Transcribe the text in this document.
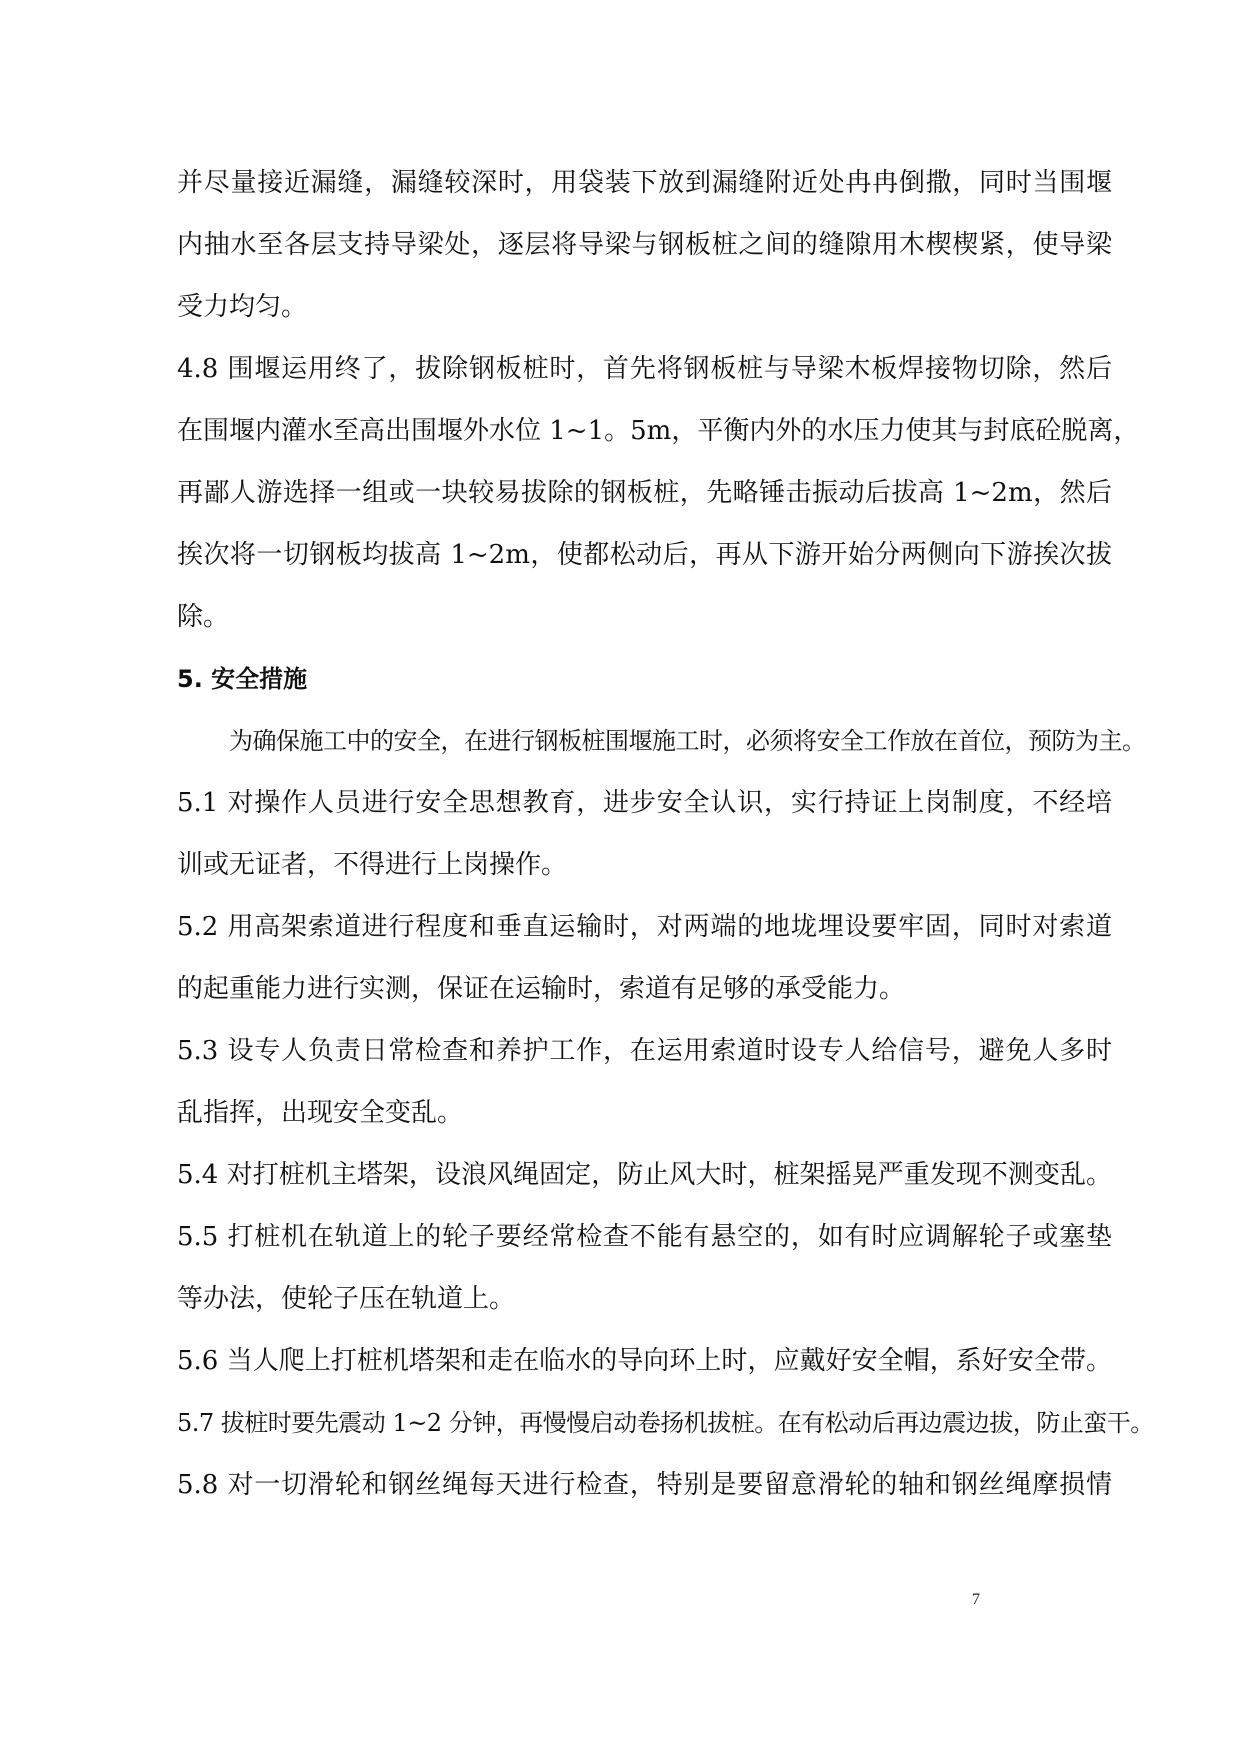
并尽量接近漏缝，漏缝较深时，用袋装下放到漏缝附近处冉冉倒撒，同时当围堰
内抽水至各层支持导梁处，逐层将导梁与钢板桩之间的缝隙用木楔楔紧，使导梁
受力均匀。
4.8 围堰运用终了，拔除钢板桩时，首先将钢板桩与导梁木板焊接物切除，然后
在围堰内灌水至高出围堰外水位 1~1。5m，平衡内外的水压力使其与封底砼脱离，
再鄙人游选择一组或一块较易拔除的钢板桩，先略锤击振动后拔高 1~2m，然后
挨次将一切钢板均拔高 1~2m，使都松动后，再从下游开始分两侧向下游挨次拔
除。
5. 安全措施
为确保施工中的安全，在进行钢板桩围堰施工时，必须将安全工作放在首位，预防为主。
5.1 对操作人员进行安全思想教育，进步安全认识，实行持证上岗制度，不经培
训或无证者，不得进行上岗操作。
5.2 用高架索道进行程度和垂直运输时，对两端的地垅埋设要牢固，同时对索道
的起重能力进行实测，保证在运输时，索道有足够的承受能力。
5.3 设专人负责日常检查和养护工作，在运用索道时设专人给信号，避免人多时
乱指挥，出现安全变乱。
5.4 对打桩机主塔架，设浪风绳固定，防止风大时，桩架摇晃严重发现不测变乱。
5.5 打桩机在轨道上的轮子要经常检查不能有悬空的，如有时应调解轮子或塞垫
等办法，使轮子压在轨道上。
5.6 当人爬上打桩机塔架和走在临水的导向环上时，应戴好安全帽，系好安全带。
5.7 拔桩时要先震动 1~2 分钟，再慢慢启动卷扬机拔桩。在有松动后再边震边拔，防止蛮干。
5.8 对一切滑轮和钢丝绳每天进行检查，特别是要留意滑轮的轴和钢丝绳摩损情
7
